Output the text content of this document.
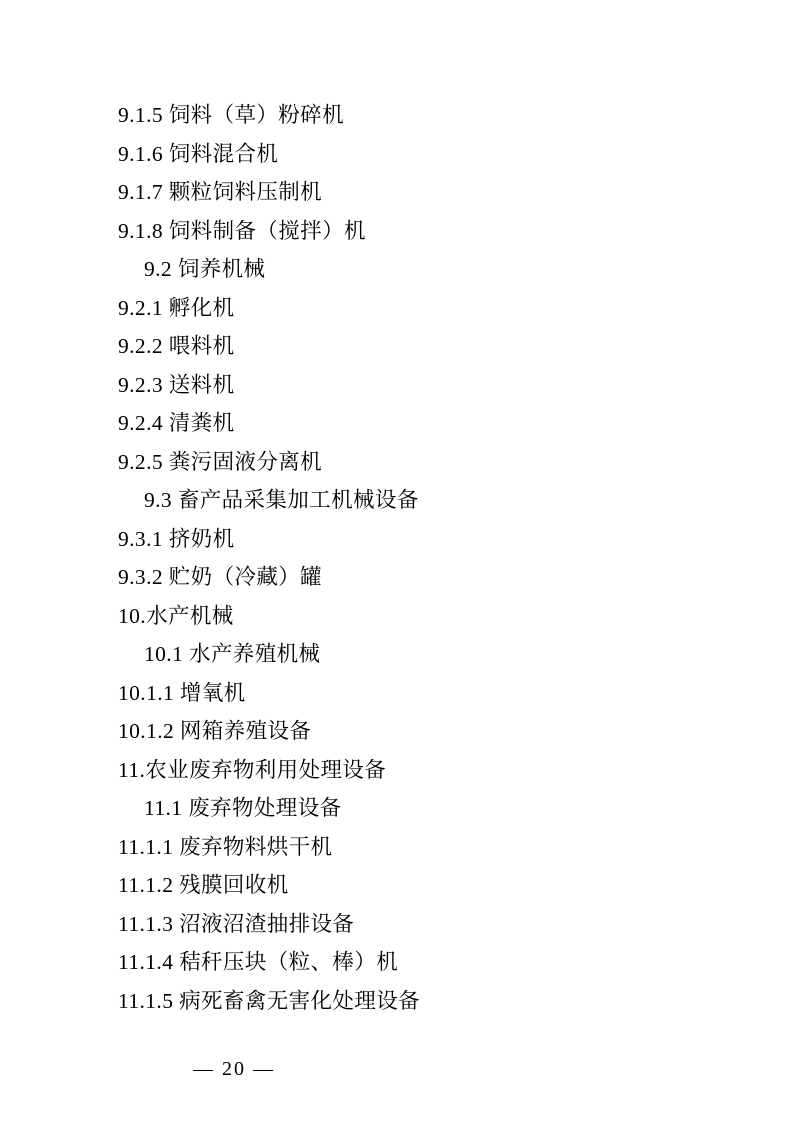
9.1.5 饲料（草）粉碎机
9.1.6 饲料混合机
9.1.7 颗粒饲料压制机
9.1.8 饲料制备（搅拌）机
9.2 饲养机械
9.2.1 孵化机
9.2.2 喂料机
9.2.3 送料机
9.2.4 清粪机
9.2.5 粪污固液分离机
9.3 畜产品采集加工机械设备
9.3.1 挤奶机
9.3.2 贮奶（冷藏）罐
10.水产机械
10.1 水产养殖机械
10.1.1 增氧机
10.1.2 网箱养殖设备
11.农业废弃物利用处理设备
11.1 废弃物处理设备
11.1.1 废弃物料烘干机
11.1.2 残膜回收机
11.1.3 沼液沼渣抽排设备
11.1.4 秸秆压块（粒、棒）机
11.1.5 病死畜禽无害化处理设备
— 20 —
